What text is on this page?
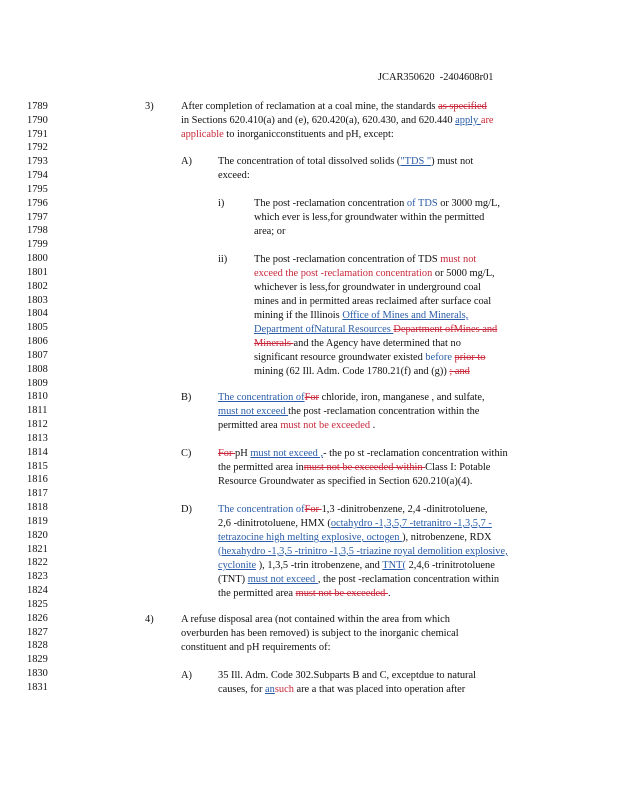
JCAR350620  -2404608r01
1789
1790
1791
1792
1793
1794
1795
1796
1797
1798
1799
1800
1801
1802
1803
1804
1805
1806
1807
1808
1809
1810
1811
1812
1813
1814
1815
1816
1817
1818
1819
1820
1821
1822
1823
1824
1825
1826
1827
1828
1829
1830
1831
3)
A)
i)
ii)
B)
C)
D)
4)
A)
After completion of reclamation at a coal mine, the standards as specified
in Sections 620.410(a) and (e), 620.420(a), 620.430, and 620.440 apply are
applicable to inorganicconstituents and pH, except:
The concentration of total dissolved solids ("TDS ") must not
exceed:
The post -reclamation concentration of TDS or 3000 mg/L,
which ever is less,for groundwater within the permitted
area; or
The post -reclamation concentration of TDS must not
exceed the post -reclamation concentration or 5000 mg/L,
whichever is less,for groundwater in underground coal
mines and in permitted areas reclaimed after surface coal
mining if the Illinois Office of Mines and Minerals,
Department ofNatural Resources Department ofMines and
Minerals and the Agency have determined that no
significant resource groundwater existed before prior to
mining (62 Ill. Adm. Code 1780.21(f) and (g)) ; and
The concentration ofFor chloride, iron, manganese , and sulfate,
must not exceed the post -reclamation concentration within the
permitted area must not be exceeded .
For pH must not exceed ,- the po st -reclamation concentration within
the permitted area inmust not be exceeded within Class I: Potable
Resource Groundwater as specified in Section 620.210(a)(4).
The concentration ofFor 1,3 -dinitrobenzene, 2,4 -dinitrotoluene,
2,6 -dinitrotoluene, HMX (octahydro -1,3,5,7 -tetranitro -1,3,5,7 -
tetrazocine high melting explosive, octogen ), nitrobenzene, RDX
(hexahydro -1,3,5 -trinitro -1,3,5 -triazine royal demolition explosive,
cyclonite ), 1,3,5 -trin itrobenzene, and TNT( 2,4,6 -trinitrotoluene
(TNT) must not exceed , the post -reclamation concentration within
the permitted area must not be exceeded .
A refuse disposal area (not contained within the area from which
overburden has been removed) is subject to the inorganic chemical
constituent and pH requirements of:
35 Ill. Adm. Code 302.Subparts B and C, exceptdue to natural
causes, for ansuch are a that was placed into operation after
